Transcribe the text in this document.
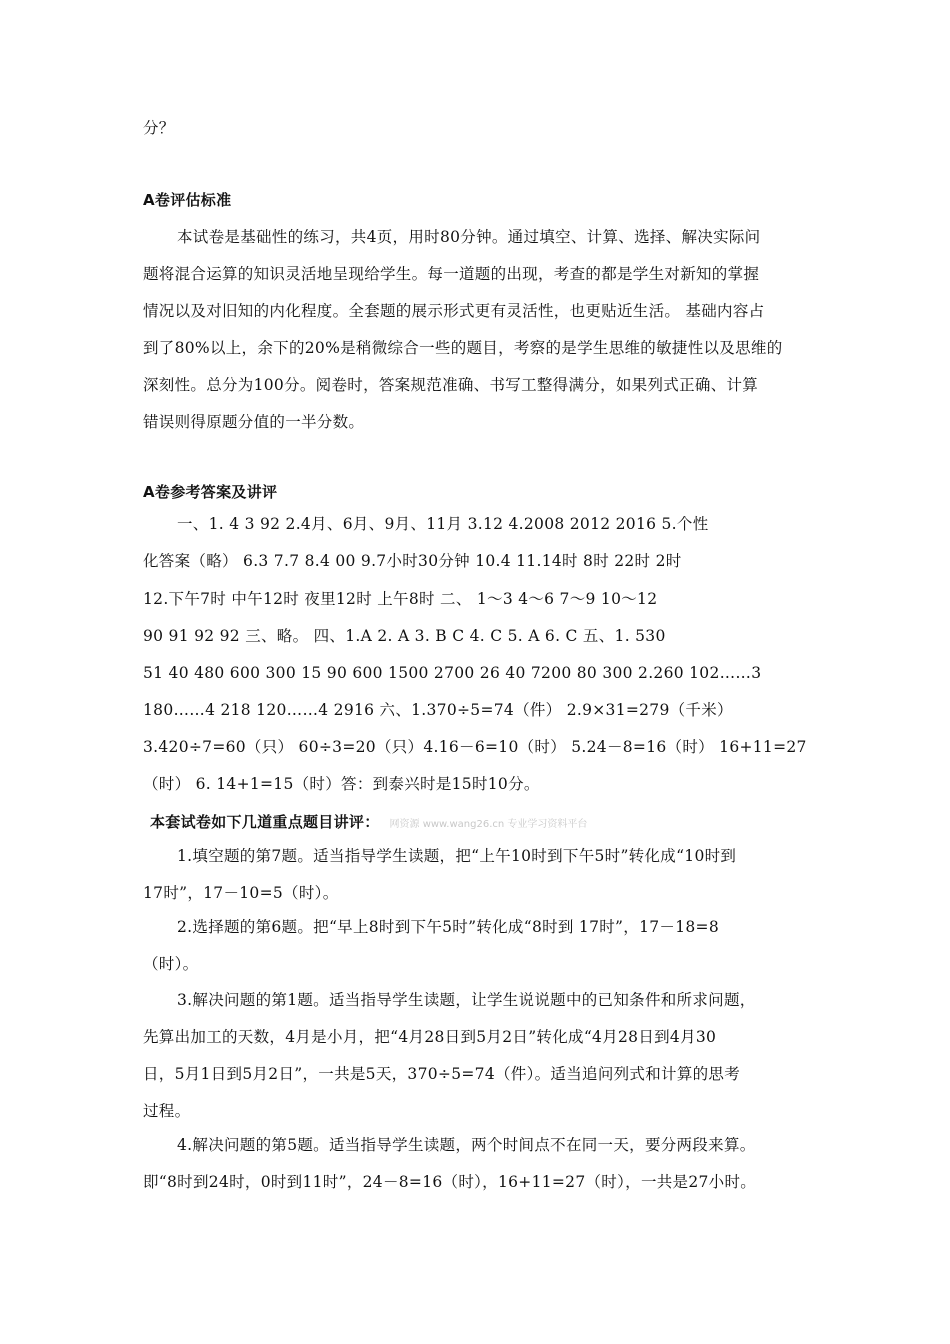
分？
A卷评估标准
本试卷是基础性的练习，共4页，用时80分钟。通过填空、计算、选择、解决实际问
题将混合运算的知识灵活地呈现给学生。每一道题的出现，考查的都是学生对新知的掌握
情况以及对旧知的内化程度。全套题的展示形式更有灵活性，也更贴近生活。 基础内容占
到了80%以上，余下的20%是稍微综合一些的题目，考察的是学生思维的敏捷性以及思维的
深刻性。总分为100分。阅卷时，答案规范准确、书写工整得满分，如果列式正确、计算
错误则得原题分值的一半分数。
A卷参考答案及讲评
一、1. 4 3 92 2.4月、6月、9月、11月 3.12 4.2008 2012 2016 5.个性
化答案（略） 6.3 7.7 8.4 00 9.7小时30分钟 10.4 11.14时 8时 22时 2时
12.下午7时 中午12时 夜里12时 上午8时 二、 1～3 4～6 7～9 10～12
90 91 92 92 三、略。 四、1.A 2. A 3. B C 4. C 5. A 6. C 五、1. 530
51 40 480 600 300 15 90 600 1500 2700 26 40 7200 80 300 2.260 102……3
180……4 218 120……4 2916 六、1.370÷5=74（件） 2.9×31=279（千米）
3.420÷7=60（只） 60÷3=20（只）4.16－6=10（时） 5.24－8=16（时） 16+11=27
（时） 6. 14+1=15（时）答：到泰兴时是15时10分。
本套试卷如下几道重点题目讲评： 网资源 www.wang26.cn 专业学习资料平台
1.填空题的第7题。适当指导学生读题，把“上午10时到下午5时”转化成“10时到
17时”，17－10=5（时）。
2.选择题的第6题。把“早上8时到下午5时”转化成“8时到 17时”，17－18=8
（时）。
3.解决问题的第1题。适当指导学生读题，让学生说说题中的已知条件和所求问题，
先算出加工的天数，4月是小月，把“4月28日到5月2日”转化成“4月28日到4月30
日，5月1日到5月2日”，一共是5天，370÷5=74（件）。适当追问列式和计算的思考
过程。
4.解决问题的第5题。适当指导学生读题，两个时间点不在同一天，要分两段来算。
即“8时到24时，0时到11时”，24－8=16（时），16+11=27（时），一共是27小时。
